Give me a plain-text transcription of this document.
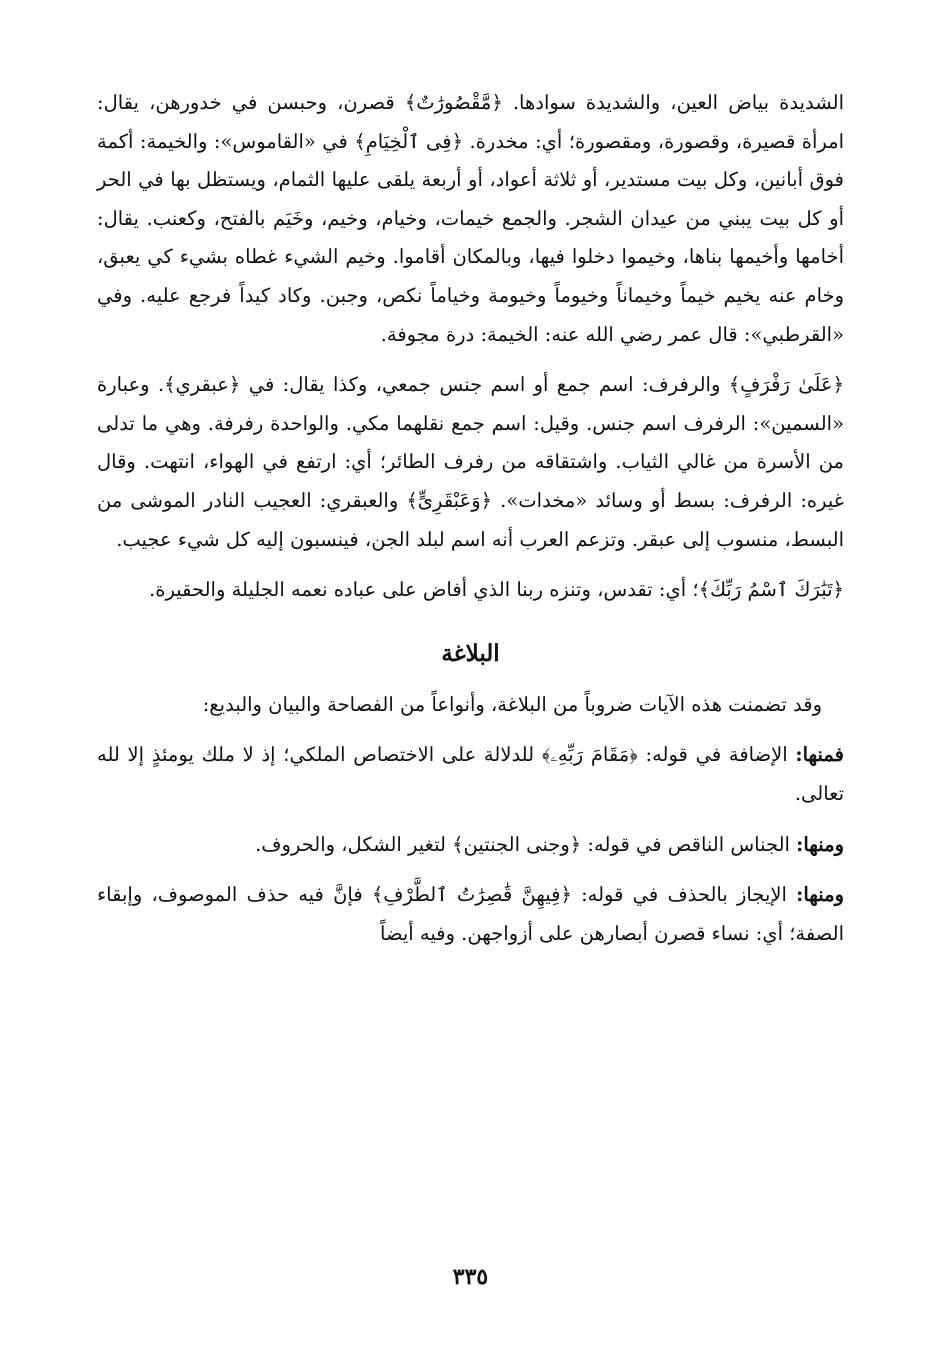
الشديدة بياض العين، والشديدة سوادها. ﴿مَّقْصُورَٰتٌ﴾ قصرن، وحبسن في خدورهن، يقال: امرأة قصيرة، وقصورة، ومقصورة؛ أي: مخدرة. ﴿فِى ٱلْخِيَامِ﴾ في «القاموس»: والخيمة: أكمة فوق أبانين، وكل بيت مستدير، أو ثلاثة أعواد، أو أربعة يلقى عليها الثمام، ويستظل بها في الحر أو كل بيت يبني من عيدان الشجر. والجمع خيمات، وخيام، وخيم، وخَيَم بالفتح، وكعنب. يقال: أخامها وأخيمها بناها، وخيموا دخلوا فيها، وبالمكان أقاموا. وخيم الشيء غطاه بشيء كي يعبق، وخام عنه يخيم خيماً وخيماناً وخيوماً وخيومة وخياماً نكص، وجبن. وكاد كيداً فرجع عليه. وفي «القرطبي»: قال عمر رضي الله عنه: الخيمة: درة مجوفة.

﴿عَلَىٰ رَفْرَفٍ﴾ والرفرف: اسم جمع أو اسم جنس جمعي، وكذا يقال: في ﴿عبقري﴾. وعبارة «السمين»: الرفرف اسم جنس. وقيل: اسم جمع نقلهما مكي. والواحدة رفرفة. وهي ما تدلى من الأسرة من غالي الثياب. واشتقاقه من رفرف الطائر؛ أي: ارتفع في الهواء، انتهت. وقال غيره: الرفرف: بسط أو وسائد «مخدات». ﴿وَعَبْقَرِىٍّ﴾ والعبقري: العجيب النادر الموشى من البسط، منسوب إلى عبقر. وتزعم العرب أنه اسم لبلد الجن، فينسبون إليه كل شيء عجيب.

﴿تَبَٰرَكَ ٱسْمُ رَبِّكَ﴾؛ أي: تقدس، وتنزه ربنا الذي أفاض على عباده نعمه الجليلة والحقيرة.

البلاغة

وقد تضمنت هذه الآيات ضروباً من البلاغة، وأنواعاً من الفصاحة والبيان والبديع:

فمنها: الإضافة في قوله: ﴿مَقَامَ رَبِّهِۦ﴾ للدلالة على الاختصاص الملكي؛ إذ لا ملك يومئذٍ إلا لله تعالى.

ومنها: الجناس الناقص في قوله: ﴿وجنى الجنتين﴾ لتغير الشكل، والحروف.

ومنها: الإيجاز بالحذف في قوله: ﴿فِيهِنَّ قَٰصِرَٰتُ ٱلطَّرْفِ﴾ فإنَّ فيه حذف الموصوف، وإبقاء الصفة؛ أي: نساء قصرن أبصارهن على أزواجهن. وفيه أيضاً

٣٣٥
